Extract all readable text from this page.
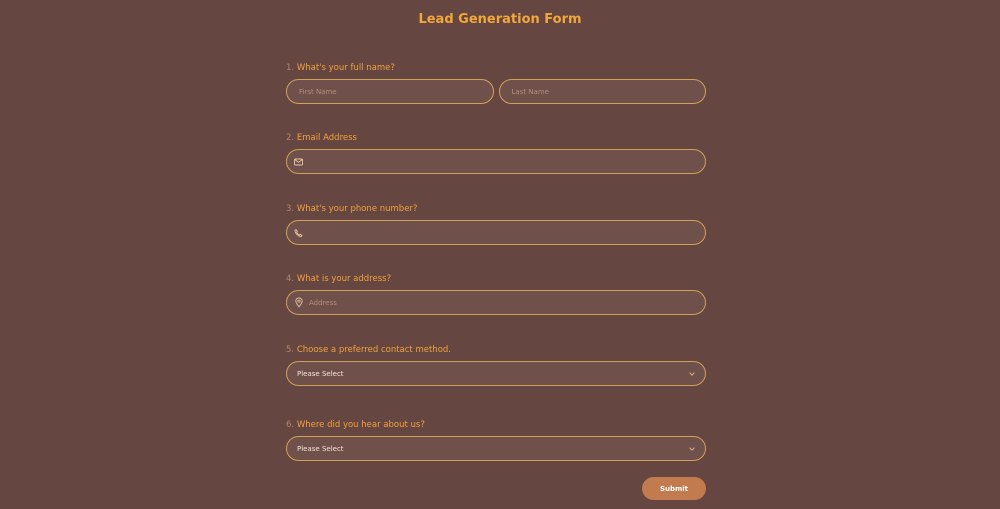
Lead Generation Form
1. What's your full name?
First Name
Last Name
2. Email Address
3. What's your phone number?
4. What is your address?
Address
5. Choose a preferred contact method.
Please Select
6. Where did you hear about us?
Please Select
Submit
